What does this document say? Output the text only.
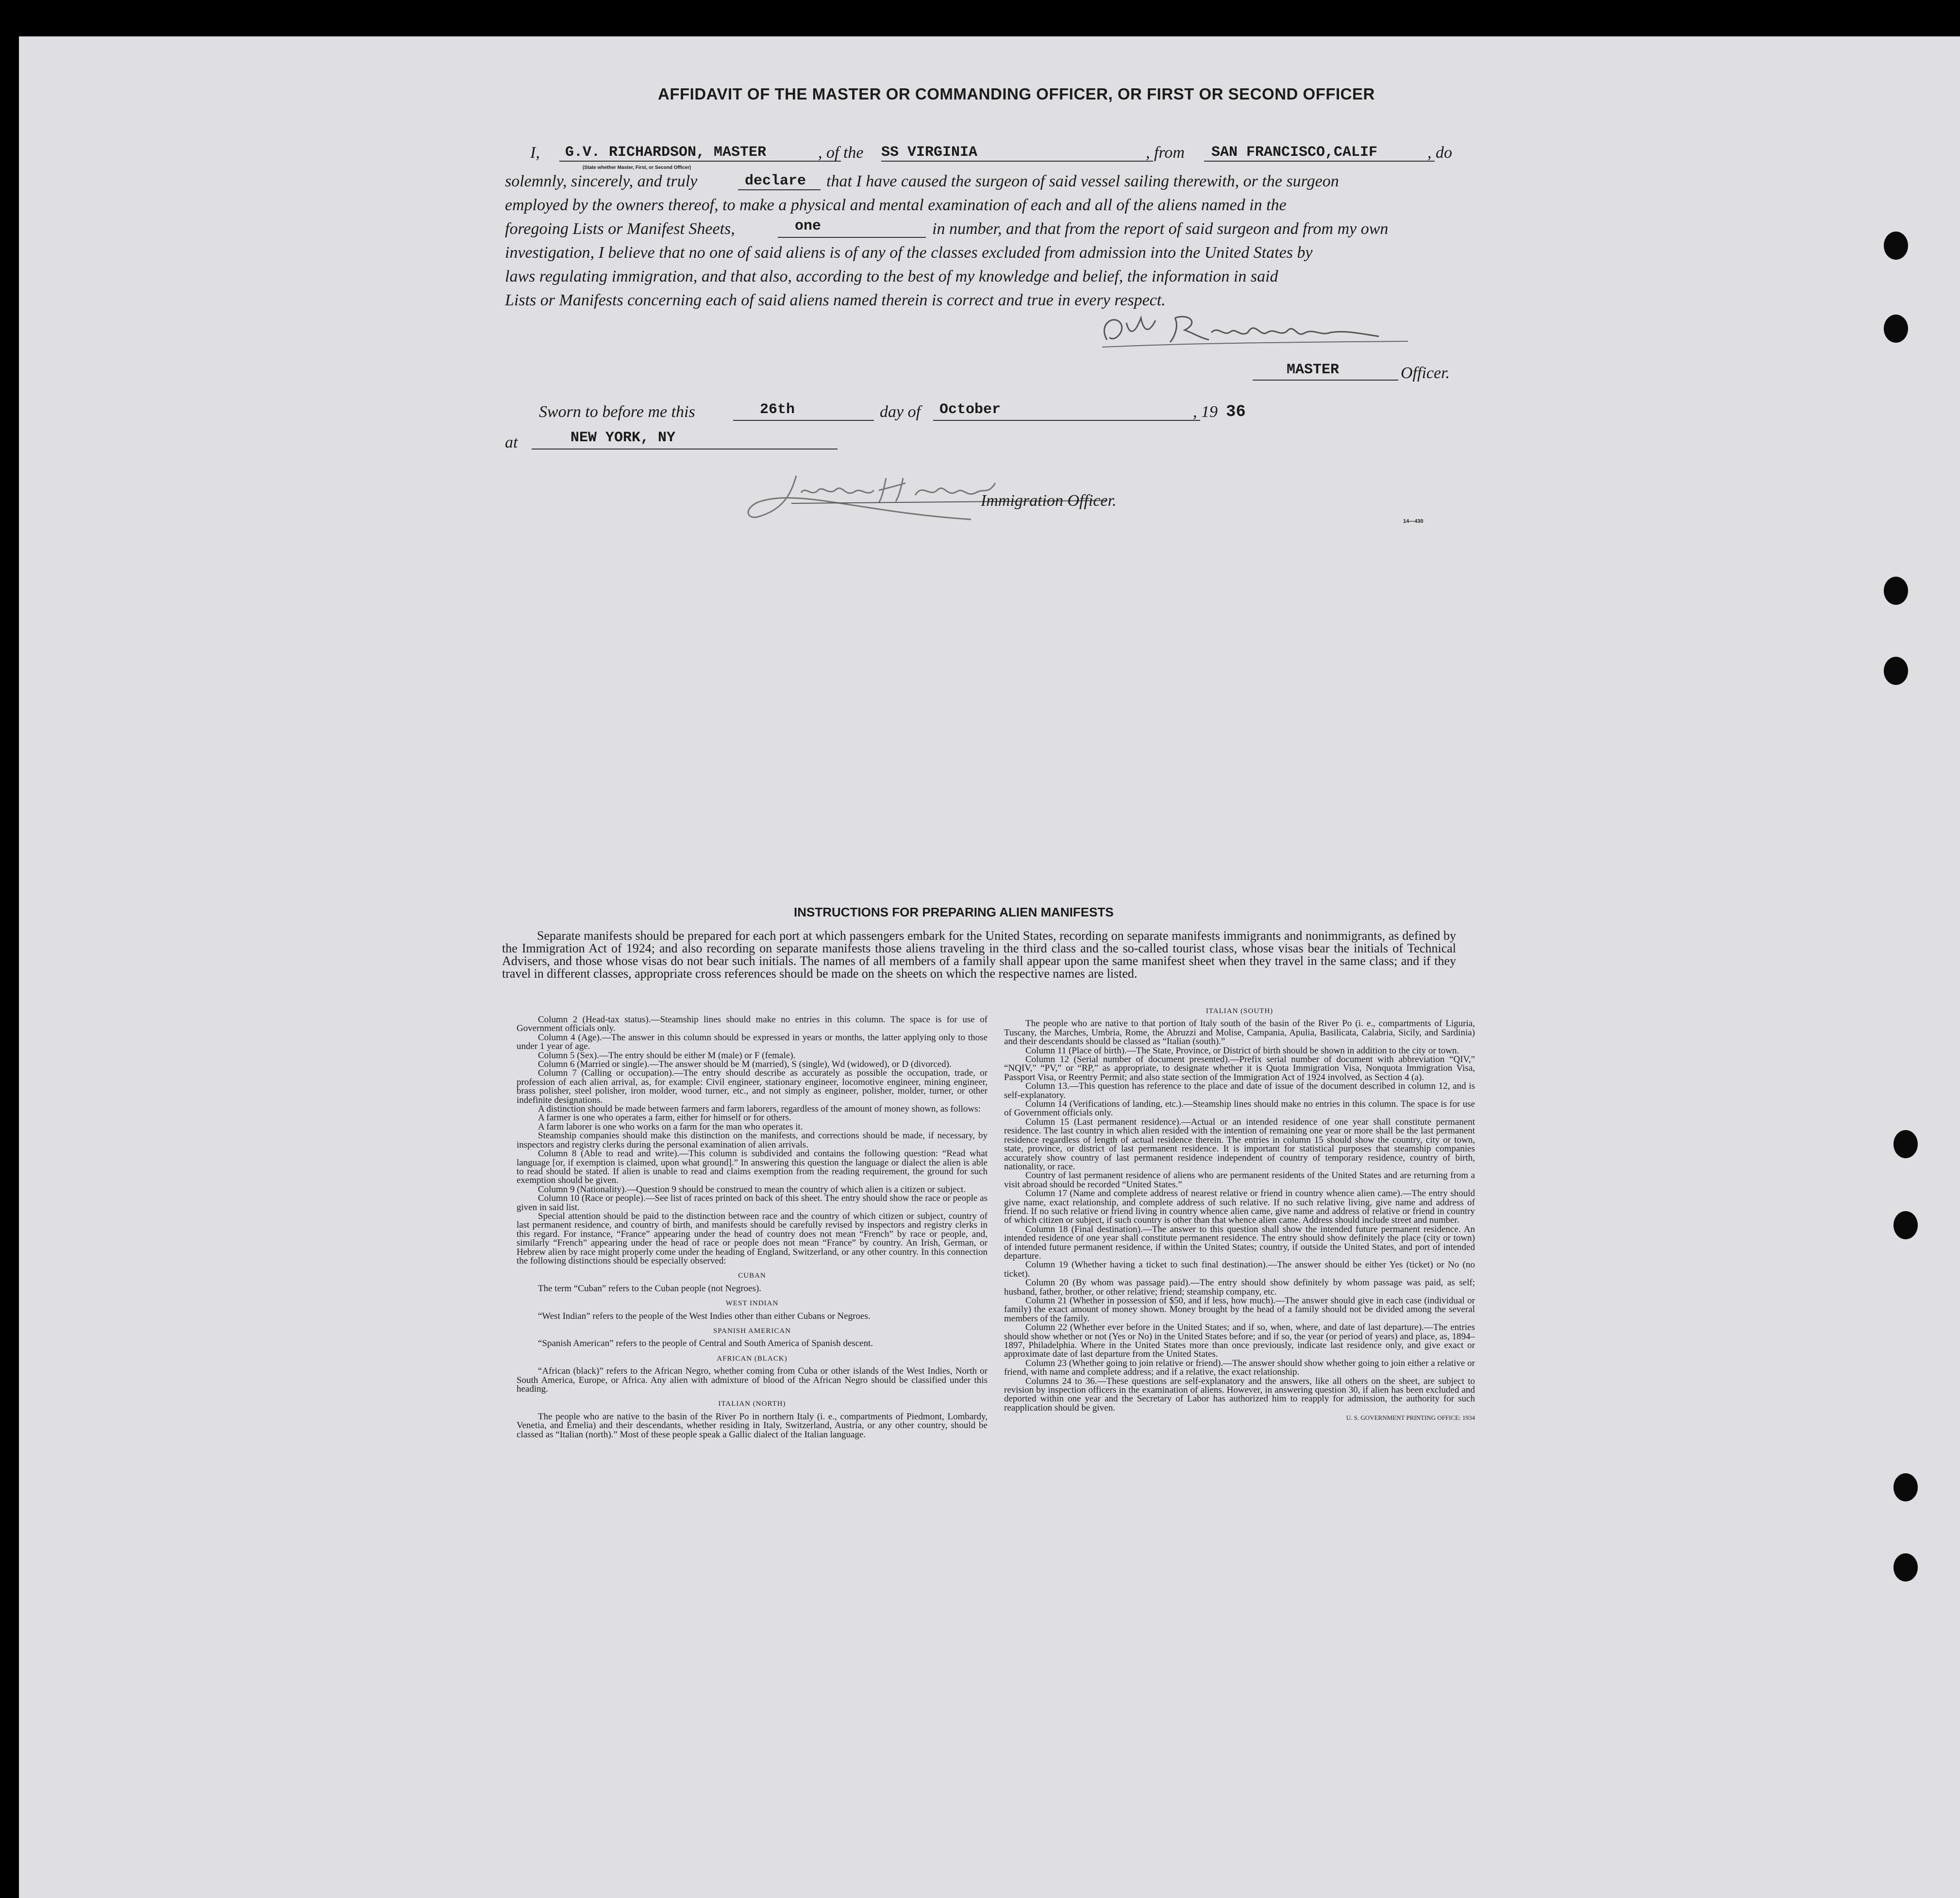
AFFIDAVIT OF THE MASTER OR COMMANDING OFFICER, OR FIRST OR SECOND OFFICER
I, G.V. RICHARDSON, MASTER	, of the SS VIRGINIA	, from SAN FRANCISCO,CALIF	, do
(State whether Master, First, or Second Officer)
solemnly, sincerely, and truly	declare that I have caused the surgeon of said vessel sailing therewith, or the surgeon
employed by the owners thereof, to make a physical and mental examination of each and all of the aliens named in the
foregoing Lists or Manifest Sheets,	one	in number, and that from the report of said surgeon and from my own
investigation, I believe that no one of said aliens is of any of the classes excluded from admission into the United States by
laws regulating immigration, and that also, according to the best of my knowledge and belief, the information in said
Lists or Manifests concerning each of said aliens named therein is correct and true in every respect.
MASTER	Officer.
Sworn to before me this	26th	day of October	, 19 36
at	NEW YORK, NY
Immigration Officer.
14—430
INSTRUCTIONS FOR PREPARING ALIEN MANIFESTS

Separate manifests should be prepared for each port at which passengers embark for the United States, recording on separate manifests immigrants and nonimmigrants, as defined by the Immigration Act of 1924; and also recording on separate manifests those aliens traveling in the third class and the so-called tourist class, whose visas bear the initials of Technical Advisers, and those whose visas do not bear such initials. The names of all members of a family shall appear upon the same manifest sheet when they travel in the same class; and if they travel in different classes, appropriate cross references should be made on the sheets on which the respective names are listed.

Column 2 (Head-tax status).—Steamship lines should make no entries in this column. The space is for use of Government officials only.

Column 4 (Age).—The answer in this column should be expressed in years or months, the latter applying only to those under 1 year of age.

Column 5 (Sex).—The entry should be either M (male) or F (female).

Column 6 (Married or single).—The answer should be M (married), S (single), Wd (widowed), or D (divorced).

Column 7 (Calling or occupation).—The entry should describe as accurately as possible the occupation, trade, or profession of each alien arrival, as, for example: Civil engineer, stationary engineer, locomotive engineer, mining engineer, brass polisher, steel polisher, iron molder, wood turner, etc., and not simply as engineer, polisher, molder, turner, or other indefinite designations.

A distinction should be made between farmers and farm laborers, regardless of the amount of money shown, as follows:

A farmer is one who operates a farm, either for himself or for others.

A farm laborer is one who works on a farm for the man who operates it.

Steamship companies should make this distinction on the manifests, and corrections should be made, if necessary, by inspectors and registry clerks during the personal examination of alien arrivals.

Column 8 (Able to read and write).—This column is subdivided and contains the following question: “Read what language [or, if exemption is claimed, upon what ground].” In answering this question the language or dialect the alien is able to read should be stated. If alien is unable to read and claims exemption from the reading requirement, the ground for such exemption should be given.

Column 9 (Nationality).—Question 9 should be construed to mean the country of which alien is a citizen or subject.

Column 10 (Race or people).—See list of races printed on back of this sheet. The entry should show the race or people as given in said list.

Special attention should be paid to the distinction between race and the country of which citizen or subject, country of last permanent residence, and country of birth, and manifests should be carefully revised by inspectors and registry clerks in this regard. For instance, “France” appearing under the head of country does not mean “French” by race or people, and, similarly “French” appearing under the head of race or people does not mean “France” by country. An Irish, German, or Hebrew alien by race might properly come under the heading of England, Switzerland, or any other country. In this connection the following distinctions should be especially observed:

CUBAN

The term “Cuban” refers to the Cuban people (not Negroes).

WEST INDIAN

“West Indian” refers to the people of the West Indies other than either Cubans or Negroes.

SPANISH AMERICAN

“Spanish American” refers to the people of Central and South America of Spanish descent.

AFRICAN (BLACK)

“African (black)” refers to the African Negro, whether coming from Cuba or other islands of the West Indies, North or South America, Europe, or Africa. Any alien with admixture of blood of the African Negro should be classified under this heading.

ITALIAN (NORTH)

The people who are native to the basin of the River Po in northern Italy (i. e., compartments of Piedmont, Lombardy, Venetia, and Emelia) and their descendants, whether residing in Italy, Switzerland, Austria, or any other country, should be classed as “Italian (north).” Most of these people speak a Gallic dialect of the Italian language.

ITALIAN (SOUTH)

The people who are native to that portion of Italy south of the basin of the River Po (i. e., compartments of Liguria, Tuscany, the Marches, Umbria, Rome, the Abruzzi and Molise, Campania, Apulia, Basilicata, Calabria, Sicily, and Sardinia) and their descendants should be classed as “Italian (south).”

Column 11 (Place of birth).—The State, Province, or District of birth should be shown in addition to the city or town.

Column 12 (Serial number of document presented).—Prefix serial number of document with abbreviation “QIV,” “NQIV,” “PV,” or “RP,” as appropriate, to designate whether it is Quota Immigration Visa, Nonquota Immigration Visa, Passport Visa, or Reentry Permit; and also state section of the Immigration Act of 1924 involved, as Section 4 (a).

Column 13.—This question has reference to the place and date of issue of the document described in column 12, and is self-explanatory.

Column 14 (Verifications of landing, etc.).—Steamship lines should make no entries in this column. The space is for use of Government officials only.

Column 15 (Last permanent residence).—Actual or an intended residence of one year shall constitute permanent residence. The last country in which alien resided with the intention of remaining one year or more shall be the last permanent residence regardless of length of actual residence therein. The entries in column 15 should show the country, city or town, state, province, or district of last permanent residence. It is important for statistical purposes that steamship companies accurately show country of last permanent residence independent of country of temporary residence, country of birth, nationality, or race.

Country of last permanent residence of aliens who are permanent residents of the United States and are returning from a visit abroad should be recorded “United States.”

Column 17 (Name and complete address of nearest relative or friend in country whence alien came).—The entry should give name, exact relationship, and complete address of such relative. If no such relative living, give name and address of friend. If no such relative or friend living in country whence alien came, give name and address of relative or friend in country of which citizen or subject, if such country is other than that whence alien came. Address should include street and number.

Column 18 (Final destination).—The answer to this question shall show the intended future permanent residence. An intended residence of one year shall constitute permanent residence. The entry should show definitely the place (city or town) of intended future permanent residence, if within the United States; country, if outside the United States, and port of intended departure.

Column 19 (Whether having a ticket to such final destination).—The answer should be either Yes (ticket) or No (no ticket).

Column 20 (By whom was passage paid).—The entry should show definitely by whom passage was paid, as self; husband, father, brother, or other relative; friend; steamship company, etc.

Column 21 (Whether in possession of $50, and if less, how much).—The answer should give in each case (individual or family) the exact amount of money shown. Money brought by the head of a family should not be divided among the several members of the family.

Column 22 (Whether ever before in the United States; and if so, when, where, and date of last departure).—The entries should show whether or not (Yes or No) in the United States before; and if so, the year (or period of years) and place, as, 1894–1897, Philadelphia. Where in the United States more than once previously, indicate last residence only, and give exact or approximate date of last departure from the United States.

Column 23 (Whether going to join relative or friend).—The answer should show whether going to join either a relative or friend, with name and complete address; and if a relative, the exact relationship.

Columns 24 to 36.—These questions are self-explanatory and the answers, like all others on the sheet, are subject to revision by inspection officers in the examination of aliens. However, in answering question 30, if alien has been excluded and deported within one year and the Secretary of Labor has authorized him to reapply for admission, the authority for such reapplication should be given.

U. S. GOVERNMENT PRINTING OFFICE: 1934
